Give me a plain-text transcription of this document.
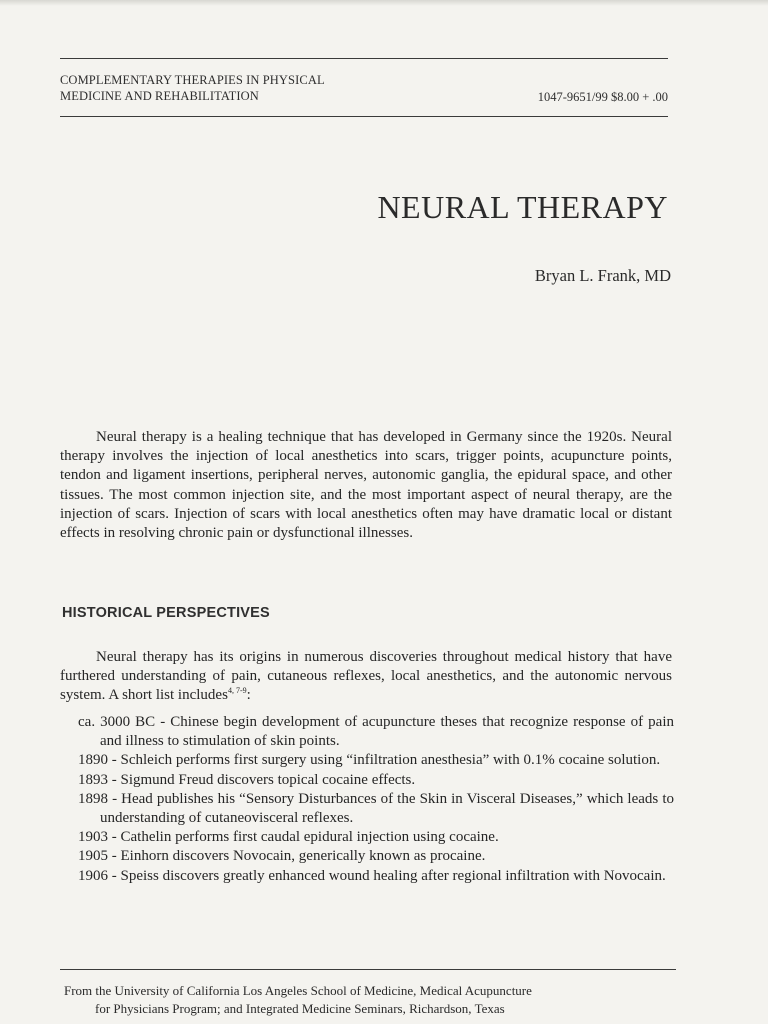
COMPLEMENTARY THERAPIES IN PHYSICAL
MEDICINE AND REHABILITATION	1047-9651/99 $8.00 + .00
NEURAL THERAPY
Bryan L. Frank, MD

Neural therapy is a healing technique that has developed in Germany since the 1920s. Neural therapy involves the injection of local anesthetics into scars, trigger points, acupuncture points, tendon and ligament insertions, peripheral nerves, autonomic ganglia, the epidural space, and other tissues. The most common injection site, and the most important aspect of neural therapy, are the injection of scars. Injection of scars with local anesthetics often may have dramatic local or distant effects in resolving chronic pain or dysfunctional illnesses.

HISTORICAL PERSPECTIVES

Neural therapy has its origins in numerous discoveries throughout medical history that have furthered understanding of pain, cutaneous reflexes, local anesthetics, and the autonomic nervous system. A short list includes$^{4, 7-9}$:

ca. 3000 BC - Chinese begin development of acupuncture theses that recognize response of pain and illness to stimulation of skin points.
1890 - Schleich performs first surgery using “infiltration anesthesia” with 0.1% cocaine solution.
1893 - Sigmund Freud discovers topical cocaine effects.
1898 - Head publishes his “Sensory Disturbances of the Skin in Visceral Diseases,” which leads to understanding of cutaneovisceral reflexes.
1903 - Cathelin performs first caudal epidural injection using cocaine.
1905 - Einhorn discovers Novocain, generically known as procaine.
1906 - Speiss discovers greatly enhanced wound healing after regional infiltration with Novocain.

From the University of California Los Angeles School of Medicine, Medical Acupuncture
for Physicians Program; and Integrated Medicine Seminars, Richardson, Texas
